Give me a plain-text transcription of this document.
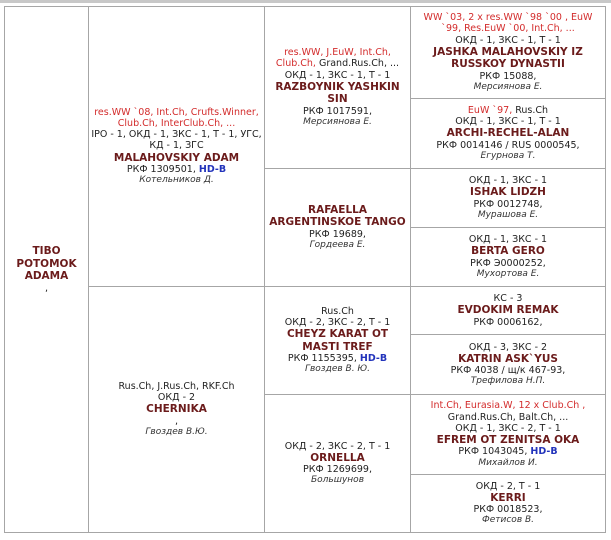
TIBO POTOMOK ADAMA
,
res.WW `08, Int.Ch, Crufts.Winner, Club.Ch, InterClub.Ch, ...
IPO - 1, ОКД - 1, ЗКС - 1, Т - 1, УГС, КД - 1, ЗГС
MALAHOVSKIY ADAM
РКФ 1309501, HD-B
Котельников Д.
Rus.Ch, J.Rus.Ch, RKF.Ch
ОКД - 2
CHERNIKA
,
Гвоздев В.Ю.
res.WW, J.EuW, Int.Ch,
Club.Ch, Grand.Rus.Ch, ...
ОКД - 1, ЗКС - 1, Т - 1
RAZBOYNIK YASHKIN SIN
РКФ 1017591,
Мерсиянова Е.
RAFAELLA ARGENTINSKOE TANGO
РКФ 19689,
Гордеева Е.
Rus.Ch
ОКД - 2, ЗКС - 2, Т - 1
CHEYZ KARAT OT MASTI TREF
РКФ 1155395, HD-B
Гвоздев В. Ю.
ОКД - 2, ЗКС - 2, Т - 1
ORNELLA
РКФ 1269699,
Большунов
WW `03, 2 x res.WW `98 `00 , EuW `99, Res.EuW `00, Int.Ch, ...
ОКД - 1, ЗКС - 1, Т - 1
JASHKA MALAHOVSKIY IZ RUSSKOY DYNASTII
РКФ 15088,
Мерсиянова Е.
EuW `97, Rus.Ch
ОКД - 1, ЗКС - 1, Т - 1
ARCHI-RECHEL-ALAN
РКФ 0014146 / RUS 0000545,
Егурнова Т.
ОКД - 1, ЗКС - 1
ISHAK LIDZH
РКФ 0012748,
Мурашова Е.
ОКД - 1, ЗКС - 1
BERTA GERO
РКФ Э0000252,
Мухортова Е.
КС - 3
EVDOKIM REMAK
РКФ 0006162,
ОКД - 3, ЗКС - 2
KATRIN ASK`YUS
РКФ 4038 / щ/к 467-93,
Трефилова Н.П.
Int.Ch, Eurasia.W, 12 x Club.Ch ,
Grand.Rus.Ch, Balt.Ch, ...
ОКД - 1, ЗКС - 2, Т - 1
EFREM OT ZENITSA OKA
РКФ 1043045, HD-B
Михайлов И.
ОКД - 2, Т - 1
KERRI
РКФ 0018523,
Фетисов В.
